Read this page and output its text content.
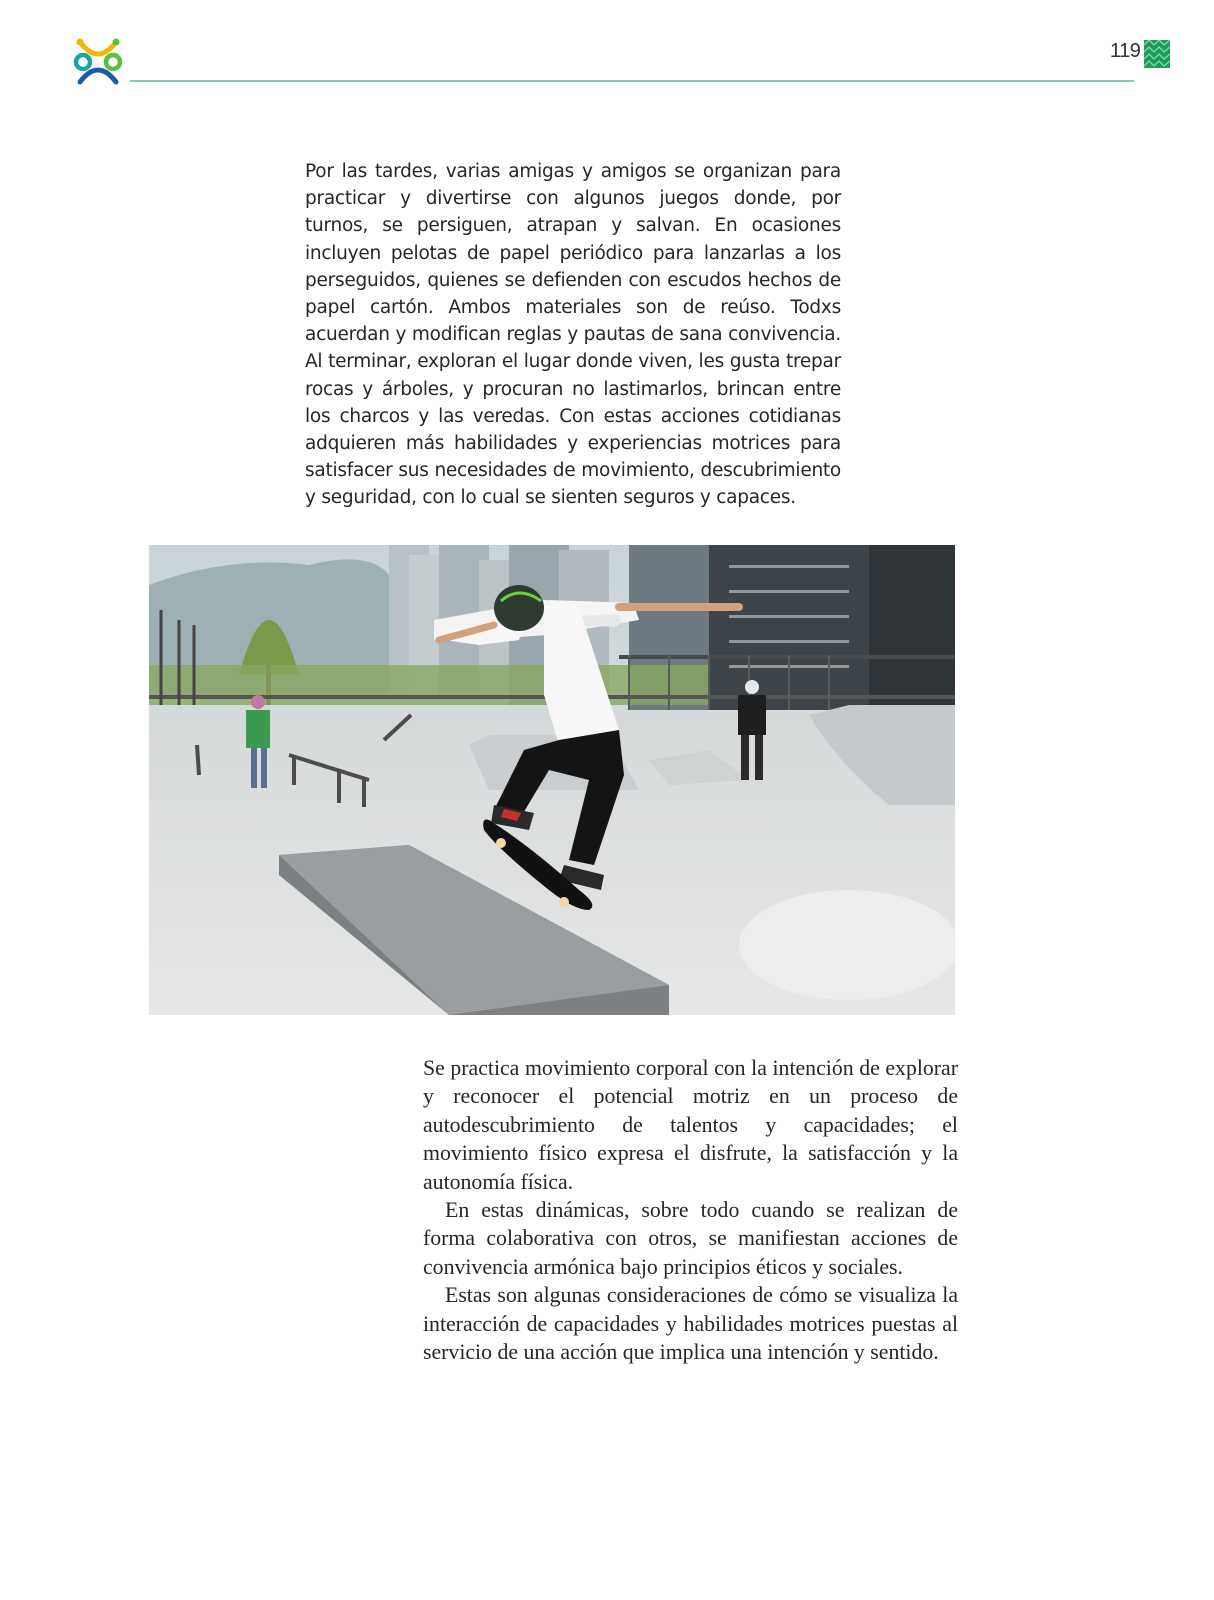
119

Por las tardes, varias amigas y amigos se organizan para practicar y divertirse con algunos juegos donde, por turnos, se persiguen, atrapan y salvan. En ocasiones incluyen pelotas de papel periódico para lanzarlas a los perseguidos, quienes se defienden con escudos hechos de papel cartón. Ambos materiales son de reúso. Todxs acuerdan y modifican reglas y pautas de sana convivencia. Al terminar, exploran el lugar donde viven, les gusta trepar rocas y árboles, y procuran no lastimarlos, brincan entre los charcos y las veredas. Con estas acciones cotidianas adquieren más habilidades y experiencias motrices para satisfacer sus necesidades de movimiento, descubrimiento y seguridad, con lo cual se sienten seguros y capaces.

Se practica movimiento corporal con la intención de explorar y reconocer el potencial motriz en un proceso de autodescubrimiento de talentos y capacidades; el movimiento físico expresa el disfrute, la satisfacción y la autonomía física.

En estas dinámicas, sobre todo cuando se realizan de forma colaborativa con otros, se manifiestan acciones de convivencia armónica bajo principios éticos y sociales.

Estas son algunas consideraciones de cómo se visualiza la interacción de capacidades y habilidades motrices puestas al servicio de una acción que implica una intención y sentido.
